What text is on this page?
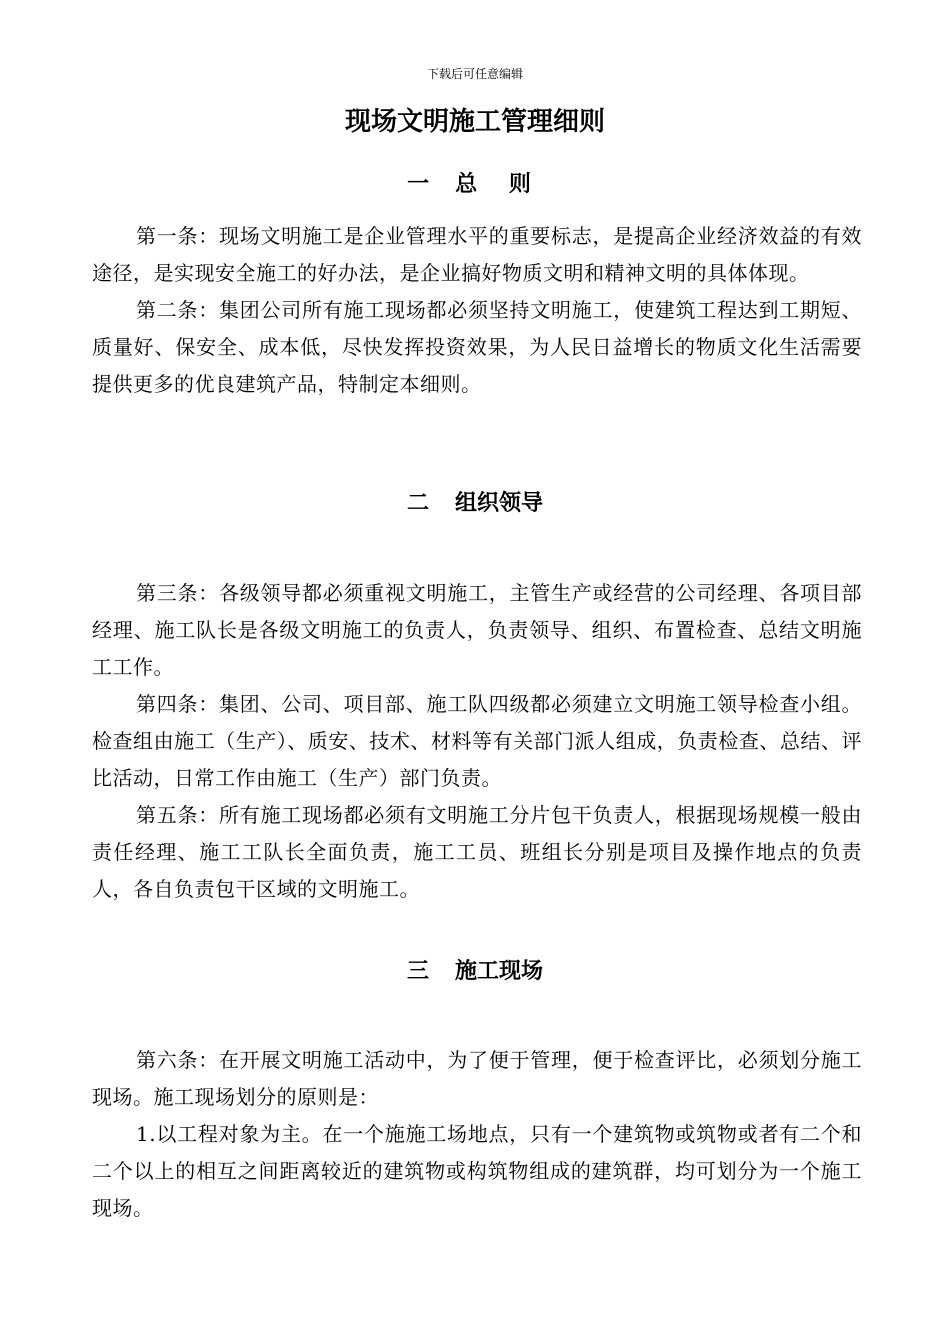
下载后可任意编辑
现场文明施工管理细则
一 总 则

第一条：现场文明施工是企业管理水平的重要标志，是提高企业经济效益的有效途径，是实现安全施工的好办法，是企业搞好物质文明和精神文明的具体体现。

第二条：集团公司所有施工现场都必须坚持文明施工，使建筑工程达到工期短、质量好、保安全、成本低，尽快发挥投资效果，为人民日益增长的物质文化生活需要提供更多的优良建筑产品，特制定本细则。

二 组织领导

第三条：各级领导都必须重视文明施工，主管生产或经营的公司经理、各项目部经理、施工队长是各级文明施工的负责人，负责领导、组织、布置检查、总结文明施工工作。

第四条：集团、公司、项目部、施工队四级都必须建立文明施工领导检查小组。检查组由施工（生产）、质安、技术、材料等有关部门派人组成，负责检查、总结、评比活动，日常工作由施工（生产）部门负责。

第五条：所有施工现场都必须有文明施工分片包干负责人，根据现场规模一般由责任经理、施工工队长全面负责，施工工员、班组长分别是项目及操作地点的负责人，各自负责包干区域的文明施工。

三 施工现场

第六条：在开展文明施工活动中，为了便于管理，便于检查评比，必须划分施工现场。施工现场划分的原则是：

1.以工程对象为主。在一个施施工场地点，只有一个建筑物或筑物或者有二个和二个以上的相互之间距离较近的建筑物或构筑物组成的建筑群，均可划分为一个施工现场。
